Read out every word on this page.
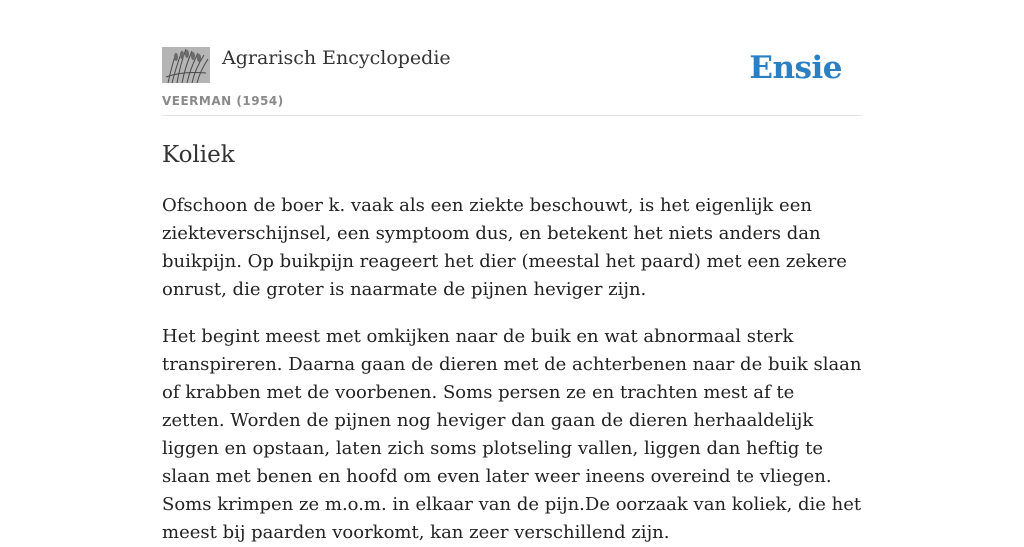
Agrarisch Encyclopedie
VEERMAN (1954)
Ensie
Koliek

Ofschoon de boer k. vaak als een ziekte beschouwt, is het eigenlijk een ziekteverschijnsel, een symptoom dus, en betekent het niets anders dan buikpijn. Op buikpijn reageert het dier (meestal het paard) met een zekere onrust, die groter is naarmate de pijnen heviger zijn.

Het begint meest met omkijken naar de buik en wat abnormaal sterk transpireren. Daarna gaan de dieren met de achterbenen naar de buik slaan of krabben met de voorbenen. Soms persen ze en trachten mest af te zetten. Worden de pijnen nog heviger dan gaan de dieren herhaaldelijk liggen en opstaan, laten zich soms plotseling vallen, liggen dan heftig te slaan met benen en hoofd om even later weer ineens overeind te vliegen. Soms krimpen ze m.o.m. in elkaar van de pijn.De oorzaak van koliek, die het meest bij paarden voorkomt, kan zeer verschillend zijn.
